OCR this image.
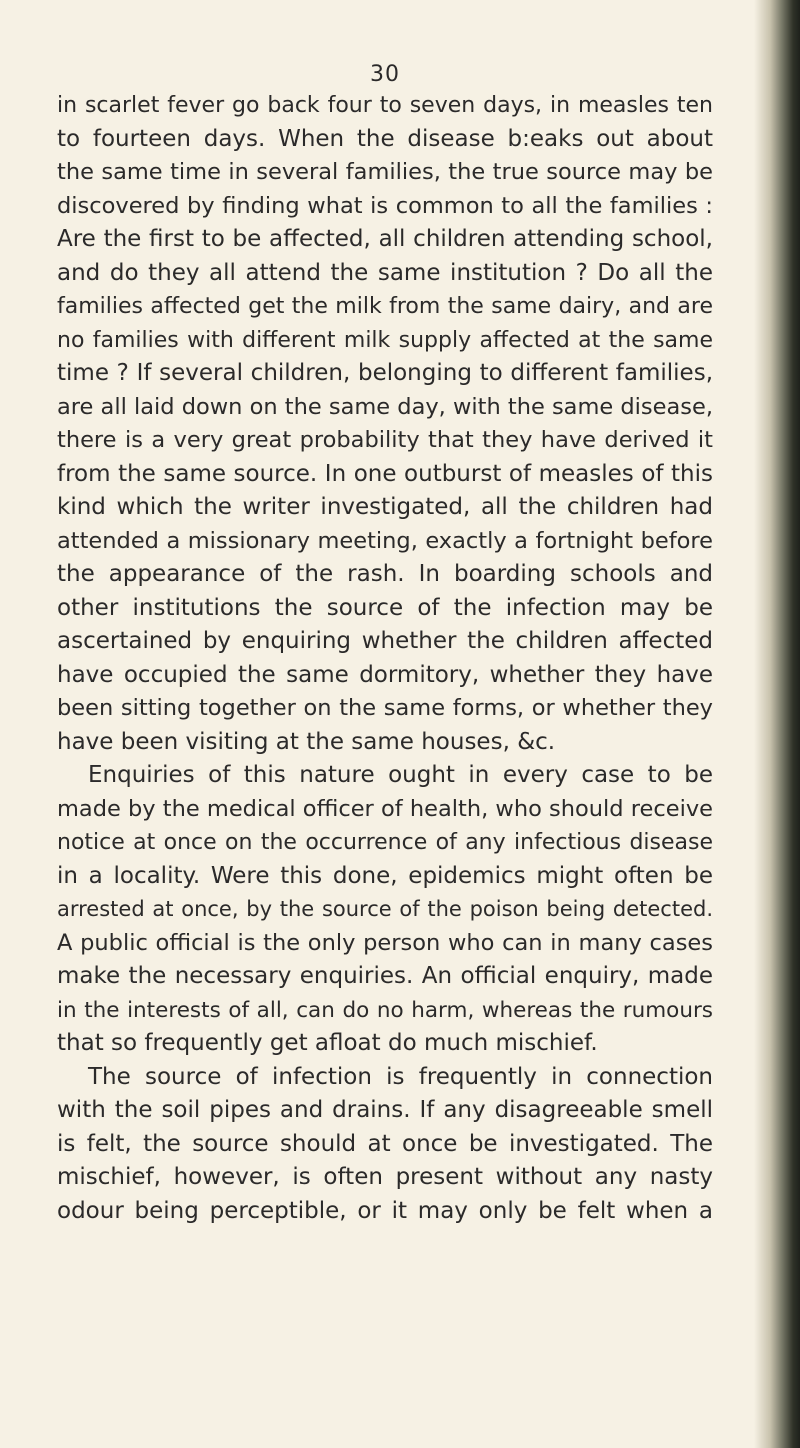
30
in scarlet fever go back four to seven days, in measles ten
to fourteen days. When the disease b:eaks out about
the same time in several families, the true source may be
discovered by finding what is common to all the families :
Are the first to be affected, all children attending school,
and do they all attend the same institution ? Do all the
families affected get the milk from the same dairy, and are
no families with different milk supply affected at the same
time ? If several children, belonging to different families,
are all laid down on the same day, with the same disease,
there is a very great probability that they have derived it
from the same source. In one outburst of measles of this
kind which the writer investigated, all the children had
attended a missionary meeting, exactly a fortnight before
the appearance of the rash. In boarding schools and
other institutions the source of the infection may be
ascertained by enquiring whether the children affected
have occupied the same dormitory, whether they have
been sitting together on the same forms, or whether they
have been visiting at the same houses, &c.
Enquiries of this nature ought in every case to be
made by the medical officer of health, who should receive
notice at once on the occurrence of any infectious disease
in a locality. Were this done, epidemics might often be
arrested at once, by the source of the poison being detected.
A public official is the only person who can in many cases
make the necessary enquiries. An official enquiry, made
in the interests of all, can do no harm, whereas the rumours
that so frequently get afloat do much mischief.
The source of infection is frequently in connection
with the soil pipes and drains. If any disagreeable smell
is felt, the source should at once be investigated. The
mischief, however, is often present without any nasty
odour being perceptible, or it may only be felt when a
